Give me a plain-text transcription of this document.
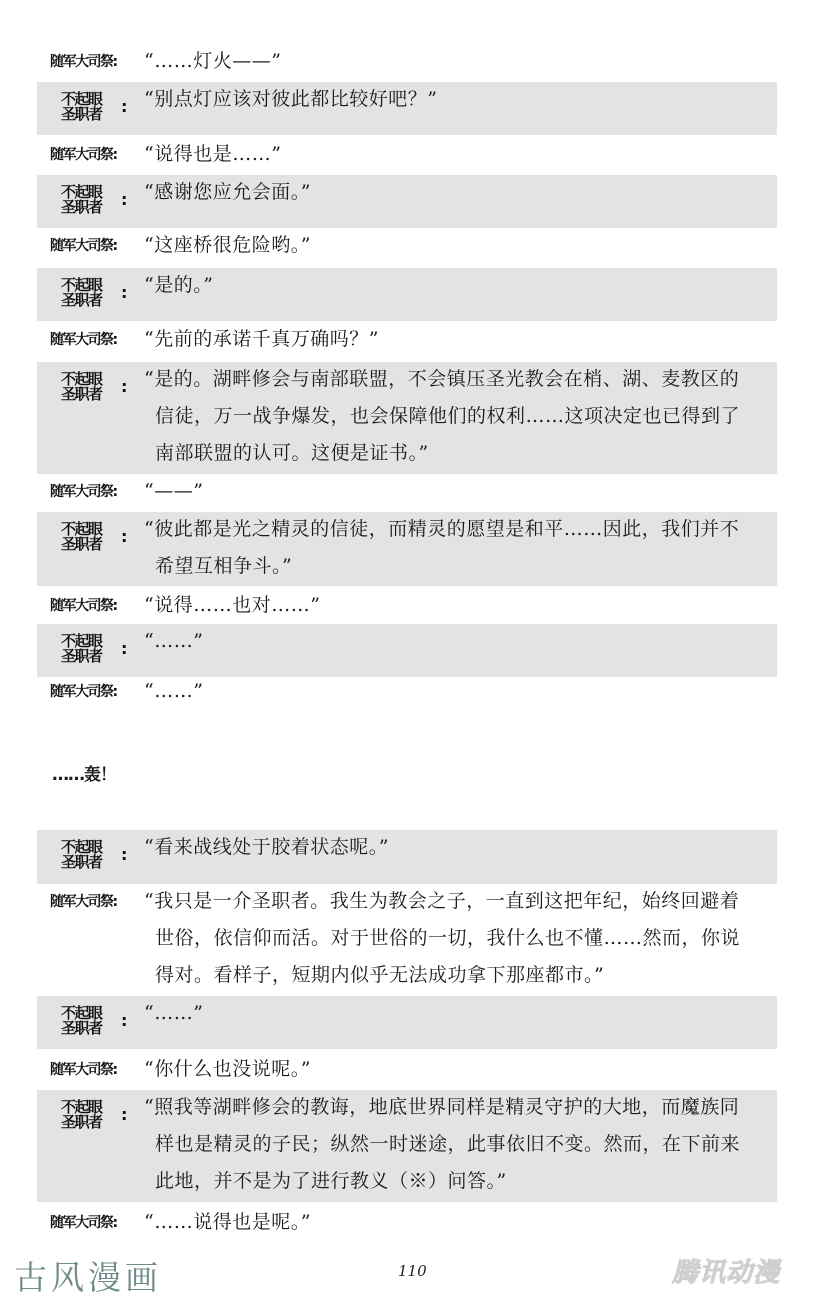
随军大司祭: “……灯火——”
不起眼
圣职者	: “别点灯应该对彼此都比较好吧？”
随军大司祭: “说得也是……”
不起眼
圣职者	: “感谢您应允会面。”
随军大司祭: “这座桥很危险哟。”
不起眼
圣职者	: “是的。”
随军大司祭: “先前的承诺千真万确吗？”
不起眼
圣职者	: “是的。湖畔修会与南部联盟，不会镇压圣光教会在梢、湖、麦教区的
信徒，万一战争爆发，也会保障他们的权利……这项决定也已得到了
南部联盟的认可。这便是证书。”
随军大司祭: “——”
不起眼
圣职者	: “彼此都是光之精灵的信徒，而精灵的愿望是和平……因此，我们并不
希望互相争斗。”
随军大司祭: “说得……也对……”
不起眼
圣职者	: “……”
随军大司祭: “……”
不起眼
圣职者	: “看来战线处于胶着状态呢。”
随军大司祭: “我只是一介圣职者。我生为教会之子，一直到这把年纪，始终回避着
世俗，依信仰而活。对于世俗的一切，我什么也不懂……然而，你说
得对。看样子，短期内似乎无法成功拿下那座都市。”
不起眼
圣职者	: “……”
随军大司祭: “你什么也没说呢。”
不起眼
圣职者	: “照我等湖畔修会的教诲，地底世界同样是精灵守护的大地，而魔族同
样也是精灵的子民；纵然一时迷途，此事依旧不变。然而，在下前来
此地，并不是为了进行教义（※）问答。”
随军大司祭: “……说得也是呢。”
……轰！
古风漫画	110	腾讯动漫
